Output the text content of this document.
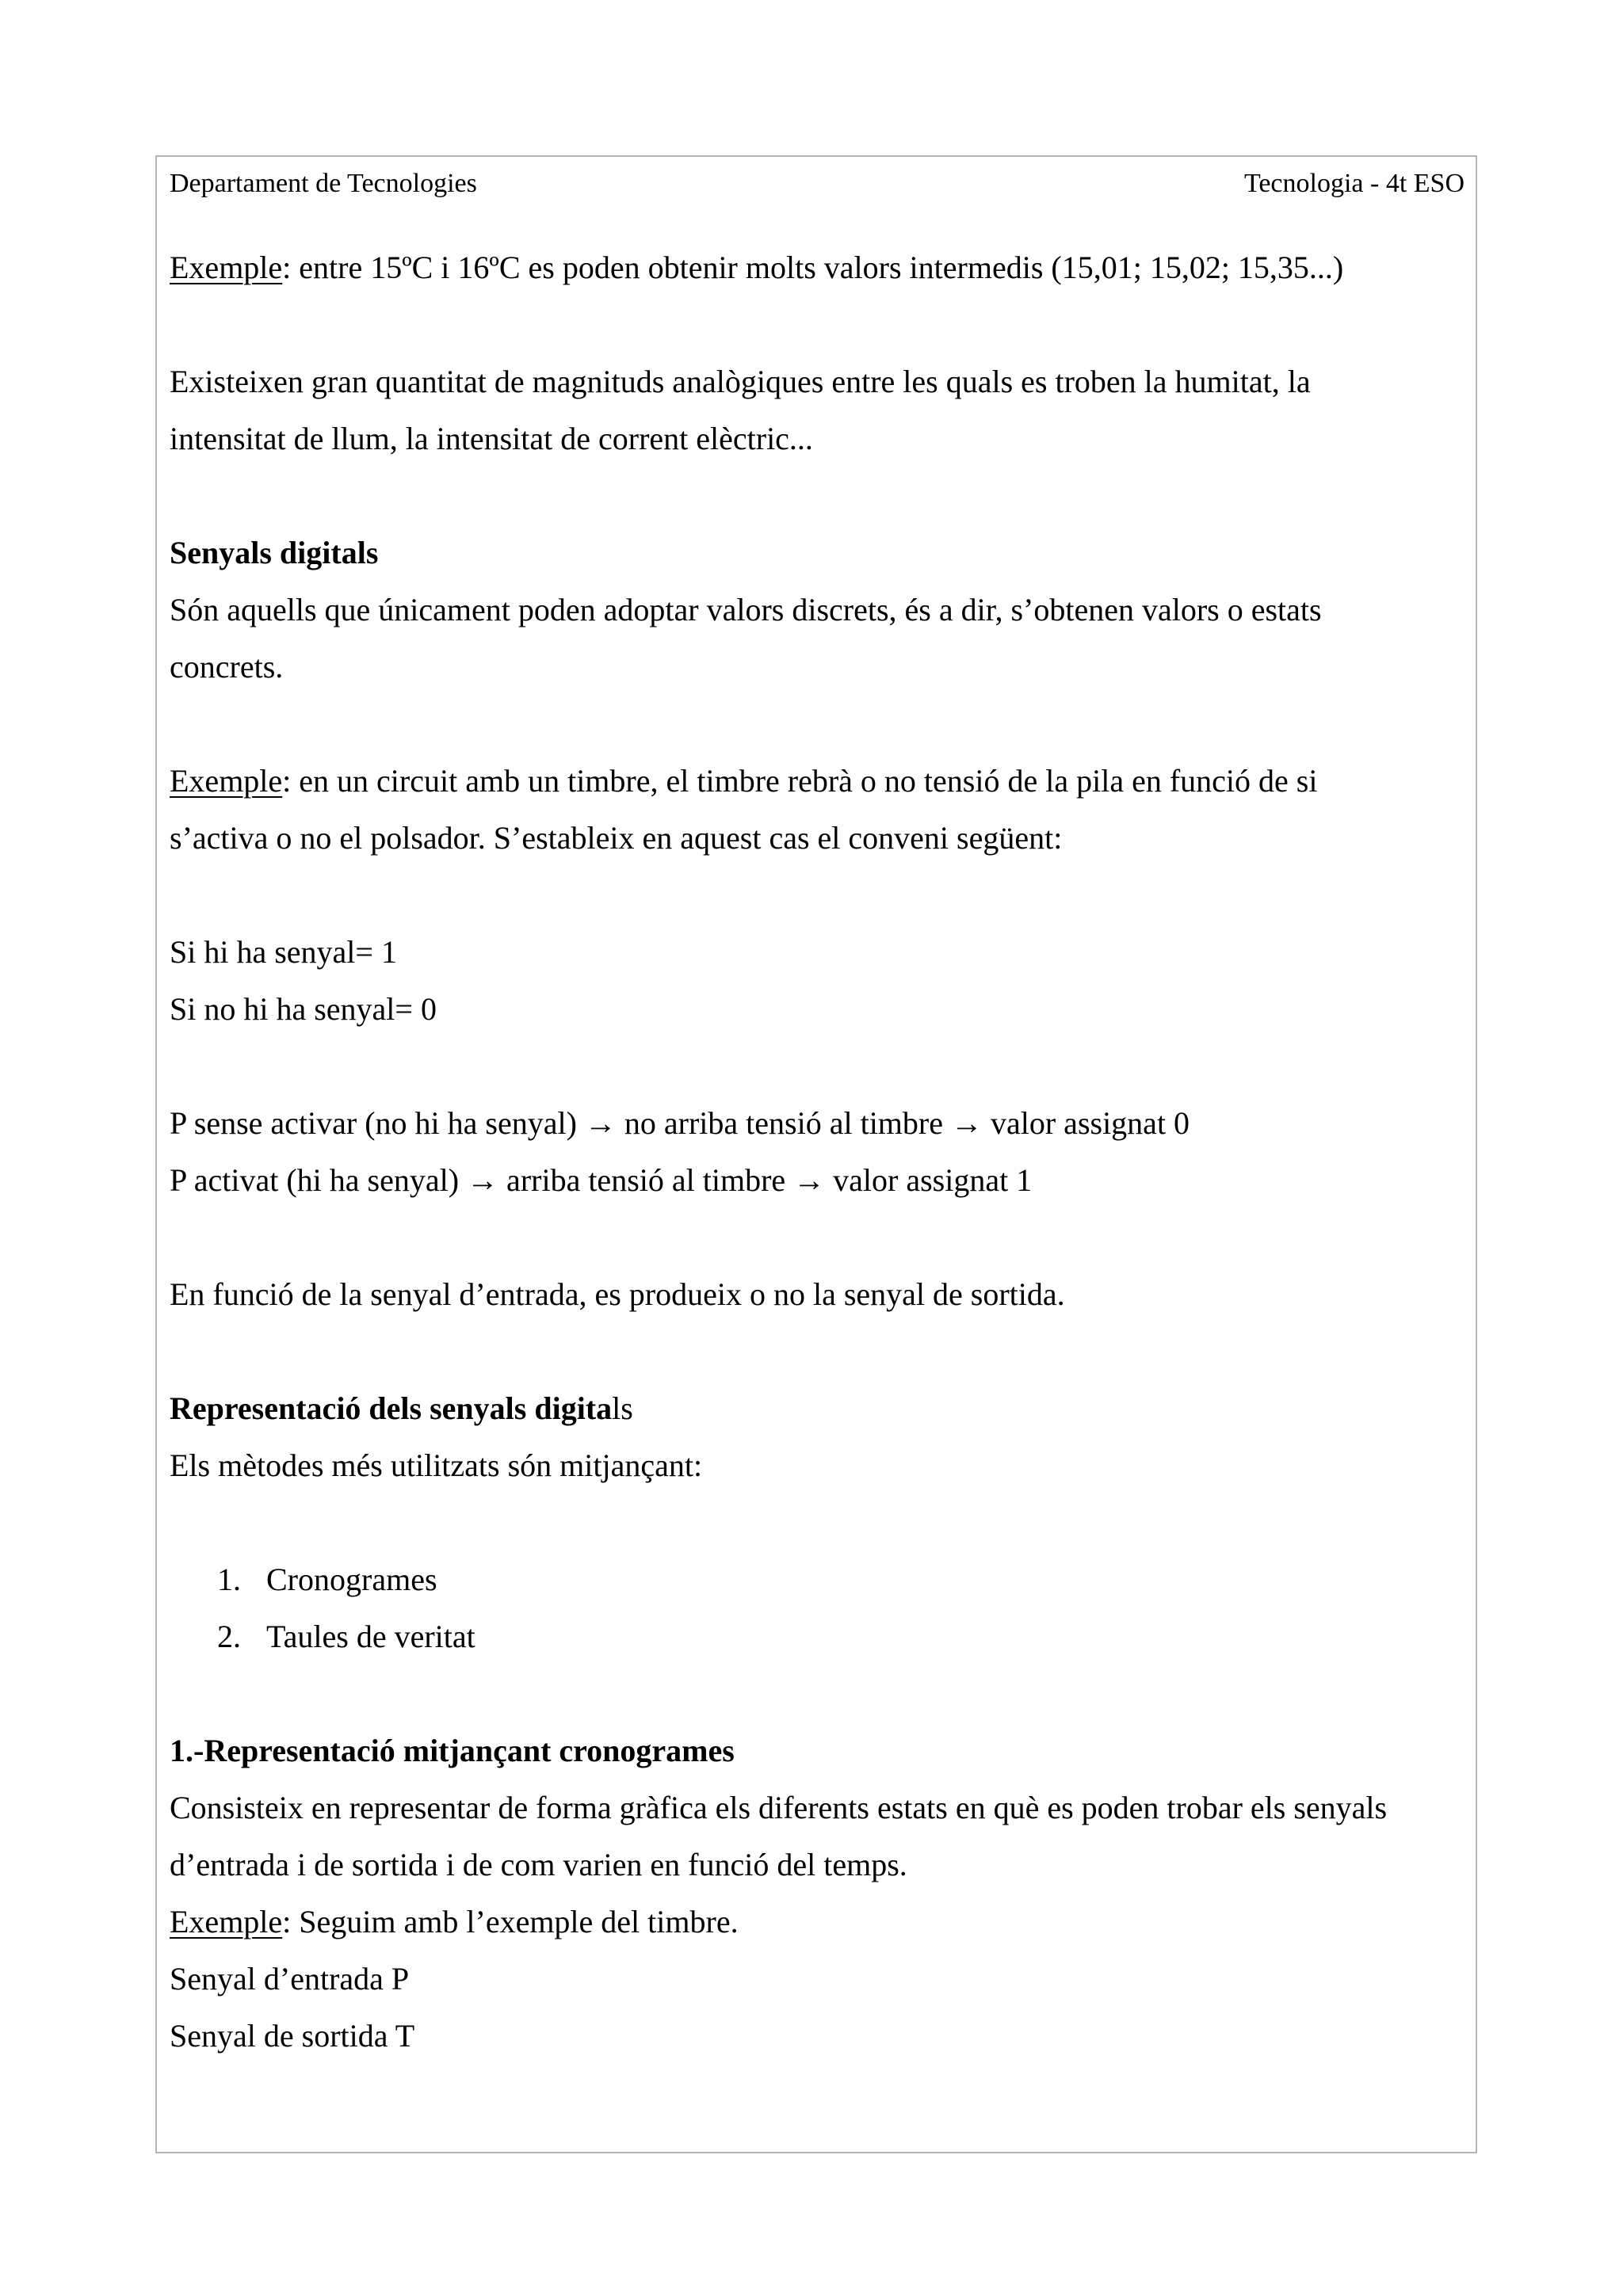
Departament de Tecnologies	Tecnologia - 4t ESO
Exemple: entre 15ºC i 16ºC es poden obtenir molts valors intermedis (15,01; 15,02; 15,35...)
Existeixen gran quantitat de magnituds analògiques entre les quals es troben la humitat, la
intensitat de llum, la intensitat de corrent elèctric...
Senyals digitals
Són aquells que únicament poden adoptar valors discrets, és a dir, s’obtenen valors o estats
concrets.
Exemple: en un circuit amb un timbre, el timbre rebrà o no tensió de la pila en funció de si
s’activa o no el polsador. S’estableix en aquest cas el conveni següent:
Si hi ha senyal= 1
Si no hi ha senyal= 0
P sense activar (no hi ha senyal) → no arriba tensió al timbre → valor assignat 0
P activat (hi ha senyal) → arriba tensió al timbre → valor assignat 1
En funció de la senyal d’entrada, es produeix o no la senyal de sortida.
Representació dels senyals digitals
Els mètodes més utilitzats són mitjançant:
1. Cronogrames
2. Taules de veritat
1.-Representació mitjançant cronogrames
Consisteix en representar de forma gràfica els diferents estats en què es poden trobar els senyals
d’entrada i de sortida i de com varien en funció del temps.
Exemple: Seguim amb l’exemple del timbre.
Senyal d’entrada P
Senyal de sortida T
